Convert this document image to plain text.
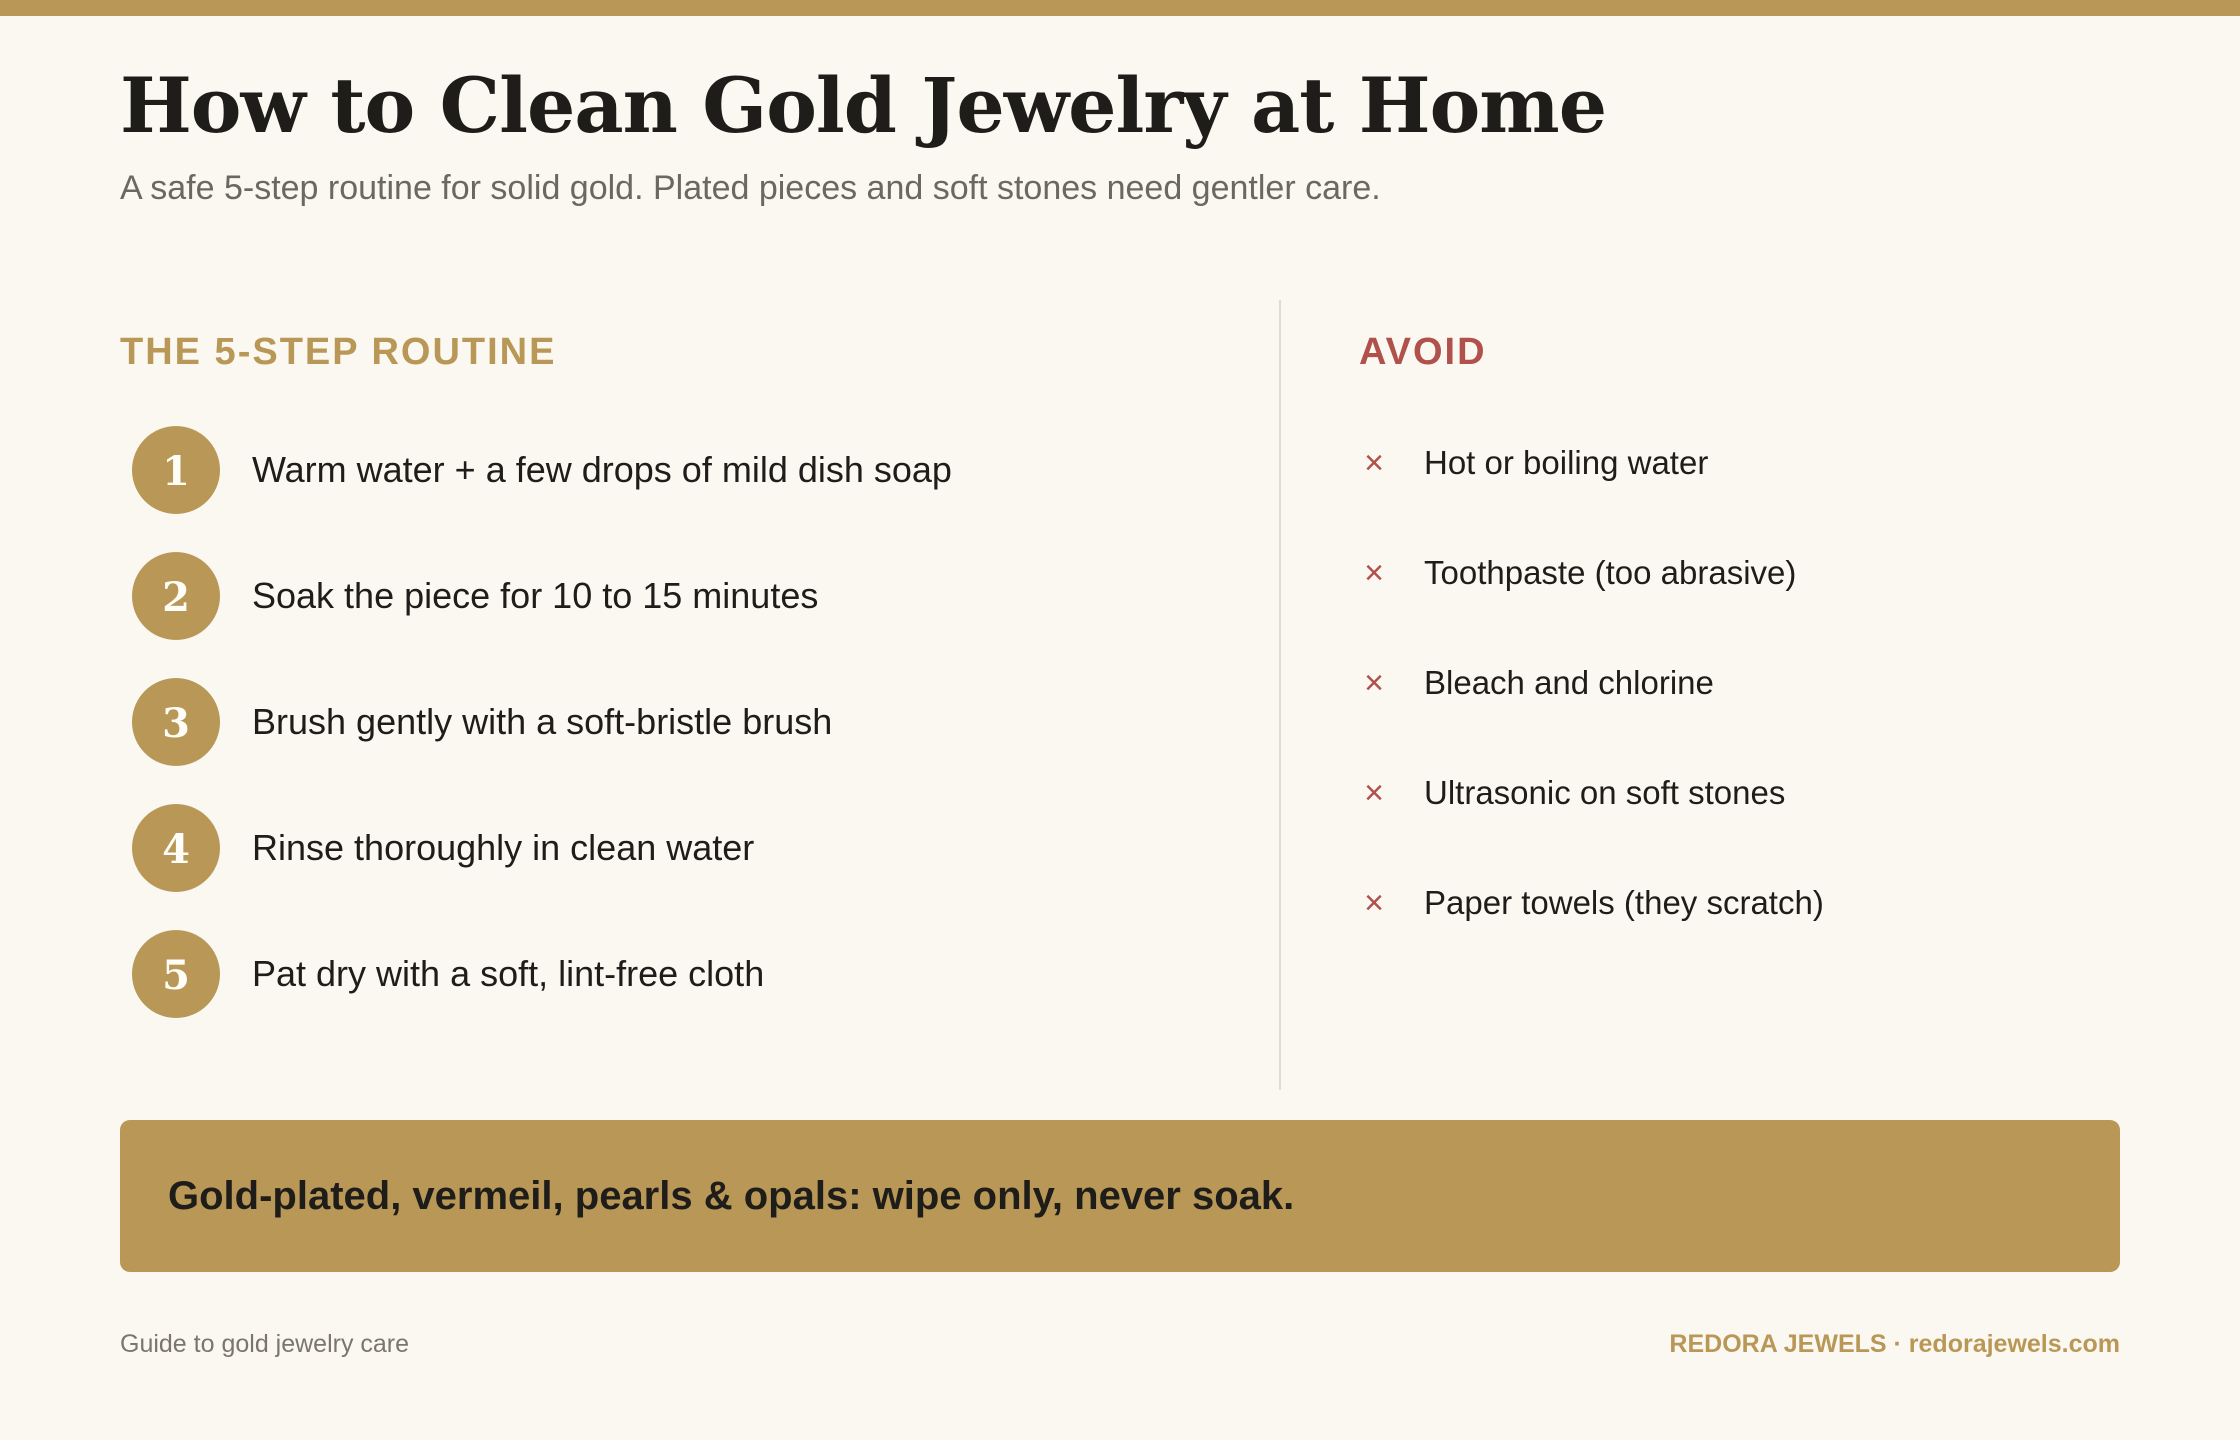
How to Clean Gold Jewelry at Home
A safe 5-step routine for solid gold. Plated pieces and soft stones need gentler care.
THE 5-STEP ROUTINE
1	Warm water + a few drops of mild dish soap
2	Soak the piece for 10 to 15 minutes
3	Brush gently with a soft-bristle brush
4	Rinse thoroughly in clean water
5	Pat dry with a soft, lint-free cloth
AVOID
× Hot or boiling water
× Toothpaste (too abrasive)
× Bleach and chlorine
× Ultrasonic on soft stones
× Paper towels (they scratch)
Gold-plated, vermeil, pearls & opals: wipe only, never soak.
Guide to gold jewelry care	REDORA JEWELS · redorajewels.com
